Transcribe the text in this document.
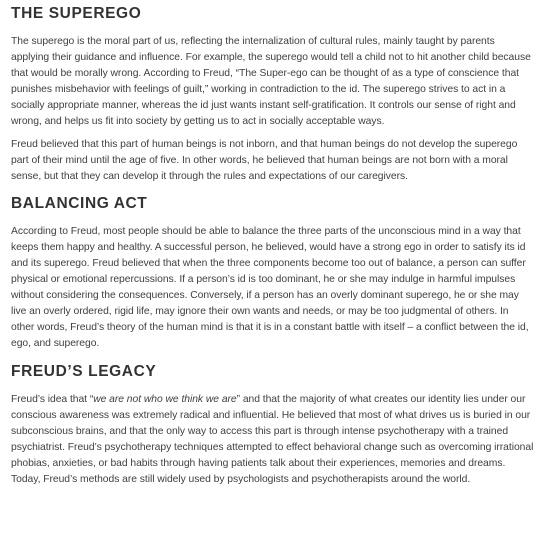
THE SUPEREGO

The superego is the moral part of us, reflecting the internalization of cultural rules, mainly taught by parents applying their guidance and influence. For example, the superego would tell a child not to hit another child because that would be morally wrong. According to Freud, “The Super-ego can be thought of as a type of conscience that punishes misbehavior with feelings of guilt,” working in contradiction to the id. The superego strives to act in a socially appropriate manner, whereas the id just wants instant self-gratification. It controls our sense of right and wrong, and helps us fit into society by getting us to act in socially acceptable ways.

Freud believed that this part of human beings is not inborn, and that human beings do not develop the superego part of their mind until the age of five. In other words, he believed that human beings are not born with a moral sense, but that they can develop it through the rules and expectations of our caregivers.

BALANCING ACT

According to Freud, most people should be able to balance the three parts of the unconscious mind in a way that keeps them happy and healthy. A successful person, he believed, would have a strong ego in order to satisfy its id and its superego. Freud believed that when the three components become too out of balance, a person can suffer physical or emotional repercussions. If a person’s id is too dominant, he or she may indulge in harmful impulses without considering the consequences. Conversely, if a person has an overly dominant superego, he or she may live an overly ordered, rigid life, may ignore their own wants and needs, or may be too judgmental of others. In other words, Freud’s theory of the human mind is that it is in a constant battle with itself – a conflict between the id, ego, and superego.

FREUD’S LEGACY

Freud’s idea that “we are not who we think we are” and that the majority of what creates our identity lies under our conscious awareness was extremely radical and influential. He believed that most of what drives us is buried in our subconscious brains, and that the only way to access this part is through intense psychotherapy with a trained psychiatrist. Freud’s psychotherapy techniques attempted to effect behavioral change such as overcoming irrational phobias, anxieties, or bad habits through having patients talk about their experiences, memories and dreams. Today, Freud’s methods are still widely used by psychologists and psychotherapists around the world.
